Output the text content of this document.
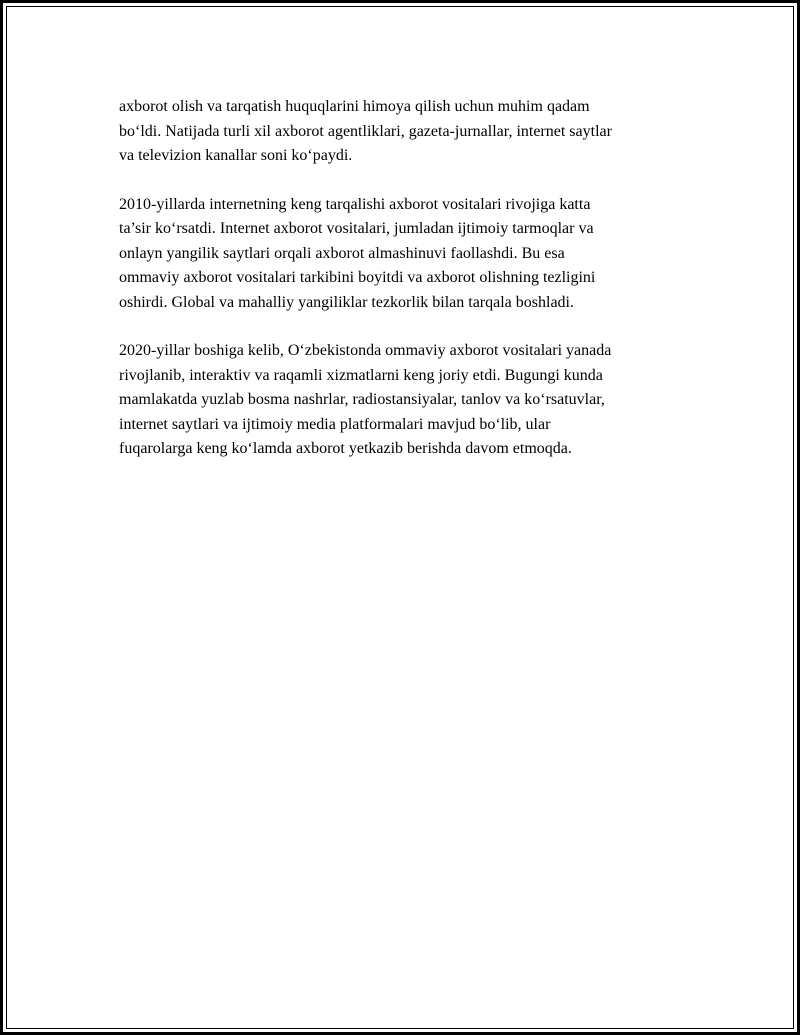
axborot olish va tarqatish huquqlarini himoya qilish uchun muhim qadam
bo‘ldi. Natijada turli xil axborot agentliklari, gazeta-jurnallar, internet saytlar
va televizion kanallar soni ko‘paydi.

2010-yillarda internetning keng tarqalishi axborot vositalari rivojiga katta
ta’sir ko‘rsatdi. Internet axborot vositalari, jumladan ijtimoiy tarmoqlar va
onlayn yangilik saytlari orqali axborot almashinuvi faollashdi. Bu esa
ommaviy axborot vositalari tarkibini boyitdi va axborot olishning tezligini
oshirdi. Global va mahalliy yangiliklar tezkorlik bilan tarqala boshladi.

2020-yillar boshiga kelib, O‘zbekistonda ommaviy axborot vositalari yanada
rivojlanib, interaktiv va raqamli xizmatlarni keng joriy etdi. Bugungi kunda
mamlakatda yuzlab bosma nashrlar, radiostansiyalar, tanlov va ko‘rsatuvlar,
internet saytlari va ijtimoiy media platformalari mavjud bo‘lib, ular
fuqarolarga keng ko‘lamda axborot yetkazib berishda davom etmoqda.
